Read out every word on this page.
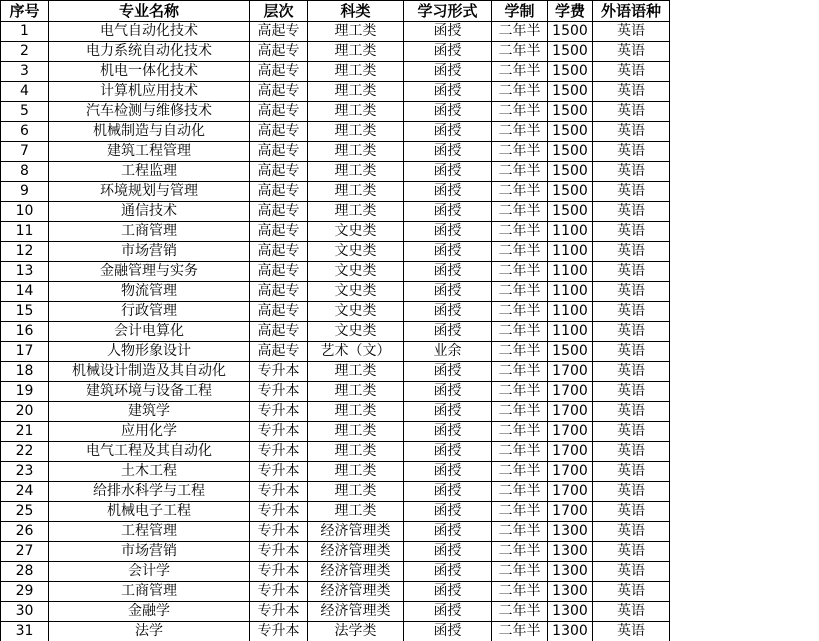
序号	专业名称	层次	科类	学习形式	学制	学费	外语语种
1	电气自动化技术	高起专	理工类	函授	二年半	1500	英语
2	电力系统自动化技术	高起专	理工类	函授	二年半	1500	英语
3	机电一体化技术	高起专	理工类	函授	二年半	1500	英语
4	计算机应用技术	高起专	理工类	函授	二年半	1500	英语
5	汽车检测与维修技术	高起专	理工类	函授	二年半	1500	英语
6	机械制造与自动化	高起专	理工类	函授	二年半	1500	英语
7	建筑工程管理	高起专	理工类	函授	二年半	1500	英语
8	工程监理	高起专	理工类	函授	二年半	1500	英语
9	环境规划与管理	高起专	理工类	函授	二年半	1500	英语
10	通信技术	高起专	理工类	函授	二年半	1500	英语
11	工商管理	高起专	文史类	函授	二年半	1100	英语
12	市场营销	高起专	文史类	函授	二年半	1100	英语
13	金融管理与实务	高起专	文史类	函授	二年半	1100	英语
14	物流管理	高起专	文史类	函授	二年半	1100	英语
15	行政管理	高起专	文史类	函授	二年半	1100	英语
16	会计电算化	高起专	文史类	函授	二年半	1100	英语
17	人物形象设计	高起专	艺术（文）	业余	二年半	1500	英语
18	机械设计制造及其自动化	专升本	理工类	函授	二年半	1700	英语
19	建筑环境与设备工程	专升本	理工类	函授	二年半	1700	英语
20	建筑学	专升本	理工类	函授	二年半	1700	英语
21	应用化学	专升本	理工类	函授	二年半	1700	英语
22	电气工程及其自动化	专升本	理工类	函授	二年半	1700	英语
23	土木工程	专升本	理工类	函授	二年半	1700	英语
24	给排水科学与工程	专升本	理工类	函授	二年半	1700	英语
25	机械电子工程	专升本	理工类	函授	二年半	1700	英语
26	工程管理	专升本	经济管理类	函授	二年半	1300	英语
27	市场营销	专升本	经济管理类	函授	二年半	1300	英语
28	会计学	专升本	经济管理类	函授	二年半	1300	英语
29	工商管理	专升本	经济管理类	函授	二年半	1300	英语
30	金融学	专升本	经济管理类	函授	二年半	1300	英语
31	法学	专升本	法学类	函授	二年半	1300	英语
